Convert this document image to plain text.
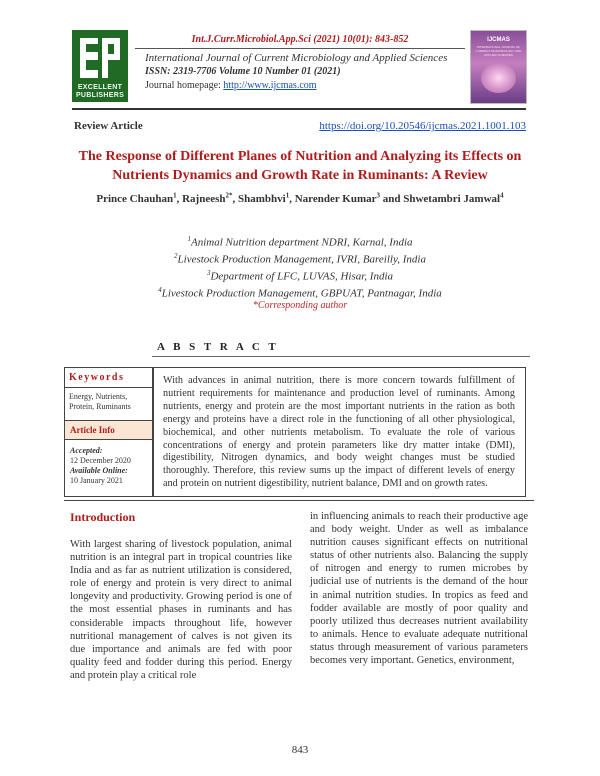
Int.J.Curr.Microbiol.App.Sci (2021) 10(01): 843-852
EXCELLENT PUBLISHERS
International Journal of Current Microbiology and Applied Sciences
ISSN: 2319-7706 Volume 10 Number 01 (2021)
Journal homepage: http://www.ijcmas.com
IJCMAS
INTERNATIONAL JOURNAL OF CURRENT MICROBIOLOGY AND APPLIED SCIENCES
Review Article	https://doi.org/10.20546/ijcmas.2021.1001.103
The Response of Different Planes of Nutrition and Analyzing its Effects on Nutrients Dynamics and Growth Rate in Ruminants: A Review
Prince Chauhan$^1$, Rajneesh$^{2*}$, Shambhvi$^1$, Narender Kumar$^3$ and Shwetambri Jamwal$^4$
$^1$Animal Nutrition department NDRI, Karnal, India
$^2$Livestock Production Management, IVRI, Bareilly, India
$^3$Department of LFC, LUVAS, Hisar, India
$^4$Livestock Production Management, GBPUAT, Pantnagar, India
*Corresponding author
A B S T R A C T
Keywords
Energy, Nutrients, Protein, Ruminants
Article Info
Accepted:
12 December 2020
Available Online:
10 January 2021
With advances in animal nutrition, there is more concern towards fulfillment of nutrient requirements for maintenance and production level of ruminants. Among nutrients, energy and protein are the most important nutrients in the ration as both energy and proteins have a direct role in the functioning of all other physiological, biochemical, and other nutrients metabolism. To evaluate the role of various concentrations of energy and protein parameters like dry matter intake (DMI), digestibility, Nitrogen dynamics, and body weight changes must be studied thoroughly. Therefore, this review sums up the impact of different levels of energy and protein on nutrient digestibility, nutrient balance, DMI and on growth rates.
Introduction
With largest sharing of livestock population, animal nutrition is an integral part in tropical countries like India and as far as nutrient utilization is considered, role of energy and protein is very direct to animal longevity and productivity. Growing period is one of the most essential phases in ruminants and has considerable impacts throughout life, however nutritional management of calves is not given its due importance and animals are fed with poor quality feed and fodder during this period. Energy and protein play a critical role
in influencing animals to reach their productive age and body weight. Under as well as imbalance nutrition causes significant effects on nutritional status of other nutrients also. Balancing the supply of nitrogen and energy to rumen microbes by judicial use of nutrients is the demand of the hour in animal nutrition studies. In tropics as feed and fodder available are mostly of poor quality and poorly utilized thus decreases nutrient availability to animals. Hence to evaluate adequate nutritional status through measurement of various parameters becomes very important. Genetics, environment,
843
